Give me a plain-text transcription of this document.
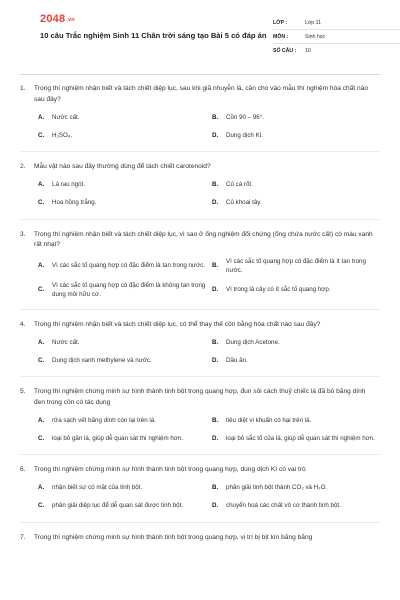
2048.vn
10 câu Trắc nghiệm Sinh 11 Chân trời sáng tạo Bài 5 có đáp án
LỚP :	Lớp 11
MÔN :	Sinh học
SỐ CÂU :	10
1.	Trong thí nghiệm nhận biết và tách chiết diệp lục, sau khi giã nhuyễn lá, cần cho vào mẫu thí nghiệm hóa chất nào sau đây?
A.	Nước cất.	B.	Cồn 90 – 96°.
C.	H₂SO₄.	D.	Dung dịch KI.
2.	Mẫu vật nào sau đây thường dùng để tách chiết carotenoid?
A.	Lá rau ngót.	B.	Củ cà rốt.
C.	Hoa hồng trắng.	D.	Củ khoai tây.
3.	Trong thí nghiệm nhận biết và tách chiết diệp lục, vì sao ở ống nghiệm đối chứng (ống chứa nước cất) có màu xanh rất nhạt?
A.	Vì các sắc tố quang hợp có đặc điểm là tan trong nước. B.
Vì các sắc tố quang hợp có đặc điểm là ít tan trong nước.
C.
Vì các sắc tố quang hợp có đặc điểm là không tan trong dung môi hữu cơ.
D.	Vì trong lá cây có ít sắc tố quang hợp.
4.	Trong thí nghiệm nhận biết và tách chiết diệp lục, có thể thay thế cồn bằng hóa chất nào sau đây?
A.	Nước cất.	B.	Dung dịch Acetone.
C.	Dung dịch xanh methylene và nước.	D.	Dầu ăn.
5.	Trong thí nghiệm chứng minh sự hình thành tinh bột trong quang hợp, đun sôi cách thuỷ chiếc lá đã bỏ băng dính đen trong cồn có tác dụng
A.	rửa sạch vết băng dính còn lại trên lá.	B.	tiêu diệt vi khuẩn có hại trên lá.
C.	loại bỏ gân lá, giúp dễ quan sát thí nghiệm hơn.	D.	loại bỏ sắc tố của lá, giúp dễ quan sát thí nghiệm hơn.
6.	Trong thí nghiệm chứng minh sự hình thành tinh bột trong quang hợp, dung dịch KI có vai trò
A.	nhận biết sự có mặt của tinh bột.	B.	phân giải tinh bột thành CO₂ và H₂O.
C.	phân giải diệp lục để dễ quan sát được tinh bột.	D.	chuyển hoá các chất vô cơ thành tinh bột.
7.	Trong thí nghiệm chứng minh sự hình thành tinh bột trong quang hợp, vị trí bị bịt kín băng băng
